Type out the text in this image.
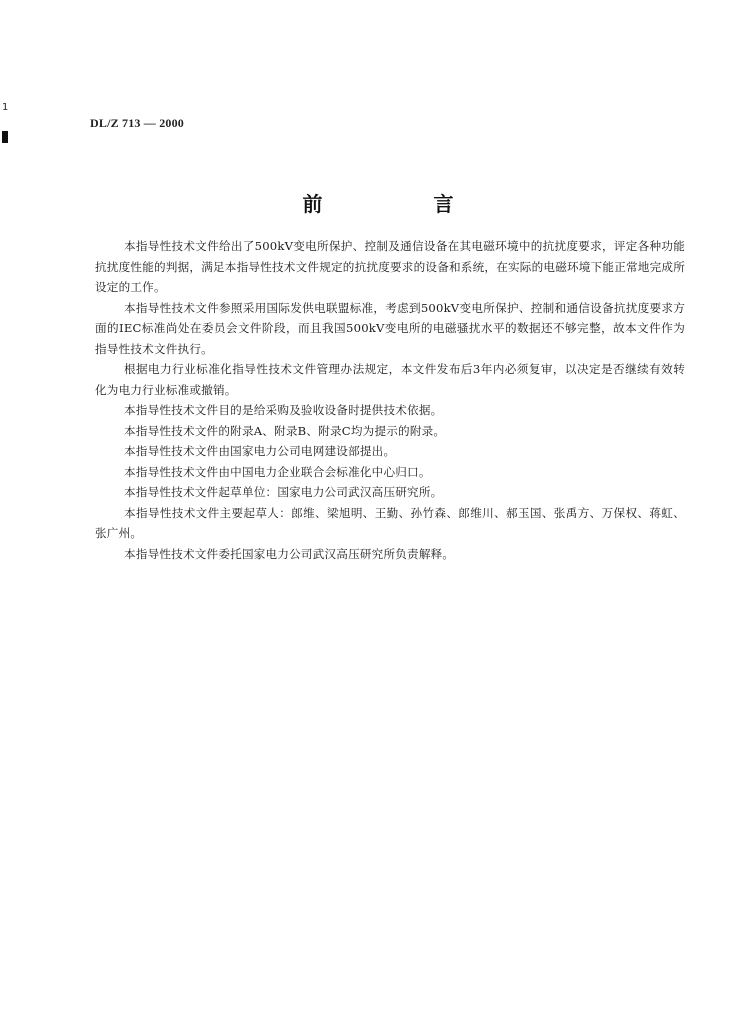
1
DL/Z 713 — 2000
前 言

本指导性技术文件给出了500kV变电所保护、控制及通信设备在其电磁环境中的抗扰度要求，评定各种功能抗扰度性能的判据，满足本指导性技术文件规定的抗扰度要求的设备和系统，在实际的电磁环境下能正常地完成所设定的工作。

本指导性技术文件参照采用国际发供电联盟标准，考虑到500kV变电所保护、控制和通信设备抗扰度要求方面的IEC标准尚处在委员会文件阶段，而且我国500kV变电所的电磁骚扰水平的数据还不够完整，故本文件作为指导性技术文件执行。

根据电力行业标准化指导性技术文件管理办法规定，本文件发布后3年内必须复审，以决定是否继续有效转化为电力行业标准或撤销。

本指导性技术文件目的是给采购及验收设备时提供技术依据。

本指导性技术文件的附录A、附录B、附录C均为提示的附录。

本指导性技术文件由国家电力公司电网建设部提出。

本指导性技术文件由中国电力企业联合会标准化中心归口。

本指导性技术文件起草单位：国家电力公司武汉高压研究所。

本指导性技术文件主要起草人：郎维、梁旭明、王勤、孙竹森、郎维川、郝玉国、张禹方、万保权、蒋虹、张广州。

本指导性技术文件委托国家电力公司武汉高压研究所负责解释。
